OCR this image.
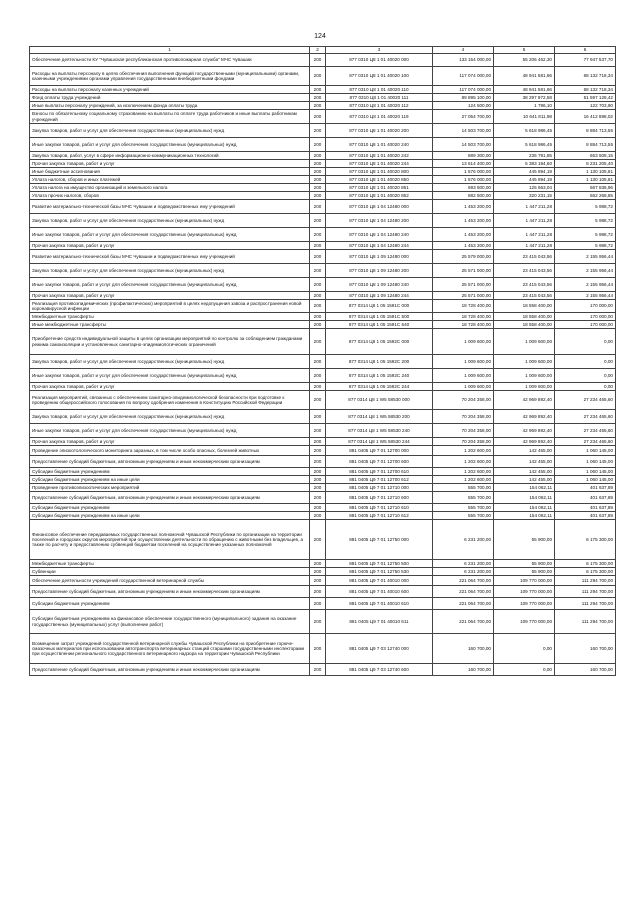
124
1	2	3	4	5	6
Обеспечение деятельности КУ "Чувашская республиканская противопожарная служба" МЧС Чувашии	200	877 0310 Ц8 1 01 40020 000	133 154 000,00	55 206 462,30	77 947 537,70
Расходы на выплаты персоналу в целях обеспечения выполнения функций государственными (муниципальными) органами, казенными учреждениями органами управления государственными внебюджетными фондами	200	877 0310 Ц8 1 01 40020 100	117 074 000,00	48 941 581,66	68 132 718,34
Расходы на выплаты персоналу казенных учреждений	200	877 0310 Ц8 1 01 40020 110	117 074 000,00	48 941 581,66	68 132 718,34
Фонд оплаты труда учреждений	200	877 0310 Ц8 1 01 40020 111	89 895 100,00	38 297 972,58	51 597 128,42
Иные выплаты персоналу учреждений, за исключением фонда оплаты труда	200	877 0310 Ц8 1 01 40020 112	124 500,00	1 796,10	122 703,90
Взносы по обязательному социальному страхованию на выплаты по оплате труда работников и иные выплаты работникам учреждений	200	877 0310 Ц8 1 01 40020 119	27 054 700,00	10 641 811,98	16 412 888,02
Закупка товаров, работ и услуг для обеспечения государственных (муниципальных) нужд	200	877 0310 Ц8 1 01 40020 200	14 503 700,00	5 618 986,45	8 884 713,55
Иные закупки товаров, работ и услуг для обеспечения государственных (муниципальных) нужд	200	877 0310 Ц8 1 01 40020 240	14 503 700,00	5 618 986,45	8 884 713,55
Закупка товаров, работ, услуг в сфере информационно-коммуникационных технологий	200	877 0310 Ц8 1 01 40020 242	889 300,00	235 791,85	653 508,15
Прочая закупка товаров, работ и услуг	200	877 0310 Ц8 1 01 40020 244	13 614 400,00	5 383 194,60	8 231 205,40
Иные бюджетные ассигнования	200	877 0310 Ц8 1 01 40020 800	1 576 000,00	445 894,19	1 130 105,81
Уплата налогов, сборов и иных платежей	200	877 0310 Ц8 1 01 40020 850	1 576 000,00	445 894,19	1 130 105,81
Уплата налога на имущество организаций и земельного налога	200	877 0310 Ц8 1 01 40020 851	693 500,00	125 663,04	567 836,96
Уплата прочих налогов, сборов	200	877 0310 Ц8 1 01 40020 852	882 500,00	320 231,15	562 268,85
Развитие материально-технической базы МЧС Чувашии и подведомственных ему учреждений	200	877 0310 Ц8 1 04 12480 000	1 453 200,00	1 447 211,28	5 988,72
Закупка товаров, работ и услуг для обеспечения государственных (муниципальных) нужд	200	877 0310 Ц8 1 04 12480 200	1 453 200,00	1 447 211,28	5 988,72
Иные закупки товаров, работ и услуг для обеспечения государственных (муниципальных) нужд	200	877 0310 Ц8 1 04 12480 240	1 453 200,00	1 447 211,28	5 988,72
Прочая закупка товаров, работ и услуг	200	877 0310 Ц8 1 04 12480 244	1 453 200,00	1 447 211,28	5 988,72
Развитие материально-технической базы МЧС Чувашии и подведомственных ему учреждений	200	877 0310 Ц8 1 09 12480 000	25 579 000,00	23 415 043,56	2 155 956,44
Закупка товаров, работ и услуг для обеспечения государственных (муниципальных) нужд	200	877 0310 Ц8 1 09 12480 200	25 571 000,00	23 415 043,56	2 155 956,44
Иные закупки товаров, работ и услуг для обеспечения государственных (муниципальных) нужд	200	877 0310 Ц8 1 09 12480 240	25 571 000,00	23 415 043,56	2 155 956,44
Прочая закупка товаров, работ и услуг	200	877 0310 Ц8 1 09 12480 244	25 571 000,00	23 415 043,56	2 155 956,44
Реализация противоэпидемических (профилактических) мероприятий в целях недопущения завоза и распространения новой коронавирусной инфекции	200	877 0314 Ц8 1 05 1591С 000	18 728 400,00	18 558 400,00	170 000,00
Межбюджетные трансферты	200	877 0314 Ц8 1 05 1591С 500	18 728 400,00	18 558 400,00	170 000,00
Иные межбюджетные трансферты	200	877 0314 Ц8 1 05 1591С 540	18 728 400,00	18 558 400,00	170 000,00
Приобретение средств индивидуальной защиты в целях организации мероприятий по контролю за соблюдением гражданами режима самоизоляции и установленных санитарно-эпидемиологических ограничений	200	877 0314 Ц8 1 05 1592С 000	1 009 600,00	1 009 600,00	0,00
Закупка товаров, работ и услуг для обеспечения государственных (муниципальных) нужд	200	877 0314 Ц8 1 05 1592С 200	1 009 600,00	1 009 600,00	0,00
Иные закупки товаров, работ и услуг для обеспечения государственных (муниципальных) нужд	200	877 0314 Ц8 1 05 1592С 240	1 009 600,00	1 009 600,00	0,00
Прочая закупка товаров, работ и услуг	200	877 0314 Ц8 1 05 1592С 244	1 009 600,00	1 009 600,00	0,00
Реализация мероприятий, связанных с обеспечением санитарно-эпидемиологической безопасности при подготовке к проведению общероссийского голосования по вопросу одобрения изменения в Конституцию Российской Федерации	200	877 0314 Ц8 1 W5 58530 000	70 204 358,00	42 969 892,40	27 234 465,60
Закупка товаров, работ и услуг для обеспечения государственных (муниципальных) нужд	200	877 0314 Ц8 1 W5 58530 200	70 204 358,00	42 969 892,40	27 234 465,60
Иные закупки товаров, работ и услуг для обеспечения государственных (муниципальных) нужд	200	877 0314 Ц8 1 W5 58530 240	70 204 358,00	42 969 892,40	27 234 465,60
Прочая закупка товаров, работ и услуг	200	877 0314 Ц8 1 W5 58530 244	70 204 358,00	42 969 892,40	27 234 465,60
Проведение эпизоотологического мониторинга заразных, в том числе особо опасных, болезней животных	200	881 0405 Ц9 7 01 12700 000	1 202 600,00	142 455,00	1 060 145,00
Предоставление субсидий бюджетным, автономным учреждениям и иным некоммерческим организациям	200	881 0405 Ц9 7 01 12700 600	1 202 600,00	142 455,00	1 060 145,00
Субсидии бюджетным учреждениям	200	881 0405 Ц9 7 01 12700 610	1 202 600,00	142 455,00	1 060 145,00
Субсидии бюджетным учреждениям на иные цели	200	881 0405 Ц9 7 01 12700 612	1 202 600,00	142 455,00	1 060 145,00
Проведение противоэпизоотических мероприятий	200	881 0405 Ц9 7 01 12710 000	555 700,00	154 062,11	401 637,89
Предоставление субсидий бюджетным, автономным учреждениям и иным некоммерческим организациям	200	881 0405 Ц9 7 01 12710 600	555 700,00	154 062,11	401 637,89
Субсидии бюджетным учреждениям	200	881 0405 Ц9 7 01 12710 610	555 700,00	154 062,11	401 637,89
Субсидии бюджетным учреждениям на иные цели	200	881 0405 Ц9 7 01 12710 612	555 700,00	154 062,11	401 637,89
Финансовое обеспечение передаваемых государственных полномочий Чувашской Республики по организации на территории поселений и городских округов мероприятий при осуществлении деятельности по обращению с животными без владельцев, а также по расчету и предоставлению субвенций бюджетам поселений на осуществление указанных полномочий	200	881 0405 Ц9 7 01 12750 000	6 231 200,00	55 900,00	6 175 300,00
Межбюджетные трансферты	200	881 0405 Ц9 7 01 12750 500	6 231 200,00	55 900,00	6 175 300,00
Субвенции	200	881 0405 Ц9 7 01 12750 530	6 231 200,00	55 900,00	6 175 300,00
Обеспечение деятельности учреждений государственной ветеринарной службы	200	881 0405 Ц9 7 01 40010 000	221 064 700,00	109 770 000,00	111 294 700,00
Предоставление субсидий бюджетным, автономным учреждениям и иным некоммерческим организациям	200	881 0405 Ц9 7 01 40010 600	221 064 700,00	109 770 000,00	111 294 700,00
Субсидии бюджетным учреждениям	200	881 0405 Ц9 7 01 40010 610	221 064 700,00	109 770 000,00	111 294 700,00
Субсидии бюджетным учреждениям на финансовое обеспечение государственного (муниципального) задания на оказание государственных (муниципальных) услуг (выполнение работ)	200	881 0405 Ц9 7 01 40010 611	221 064 700,00	109 770 000,00	111 294 700,00
Возмещение затрат учреждений государственной ветеринарной службы Чувашской Республики на приобретение горюче-смазочных материалов при использовании автотранспорта ветеринарных станций старшими государственными инспекторами при осуществлении регионального государственного ветеринарного надзора на территории Чувашской Республики	200	881 0405 Ц9 7 03 12740 000	160 700,00	0,00	160 700,00
Предоставление субсидий бюджетным, автономным учреждениям и иным некоммерческим организациям	200	881 0405 Ц9 7 03 12740 600	160 700,00	0,00	160 700,00
